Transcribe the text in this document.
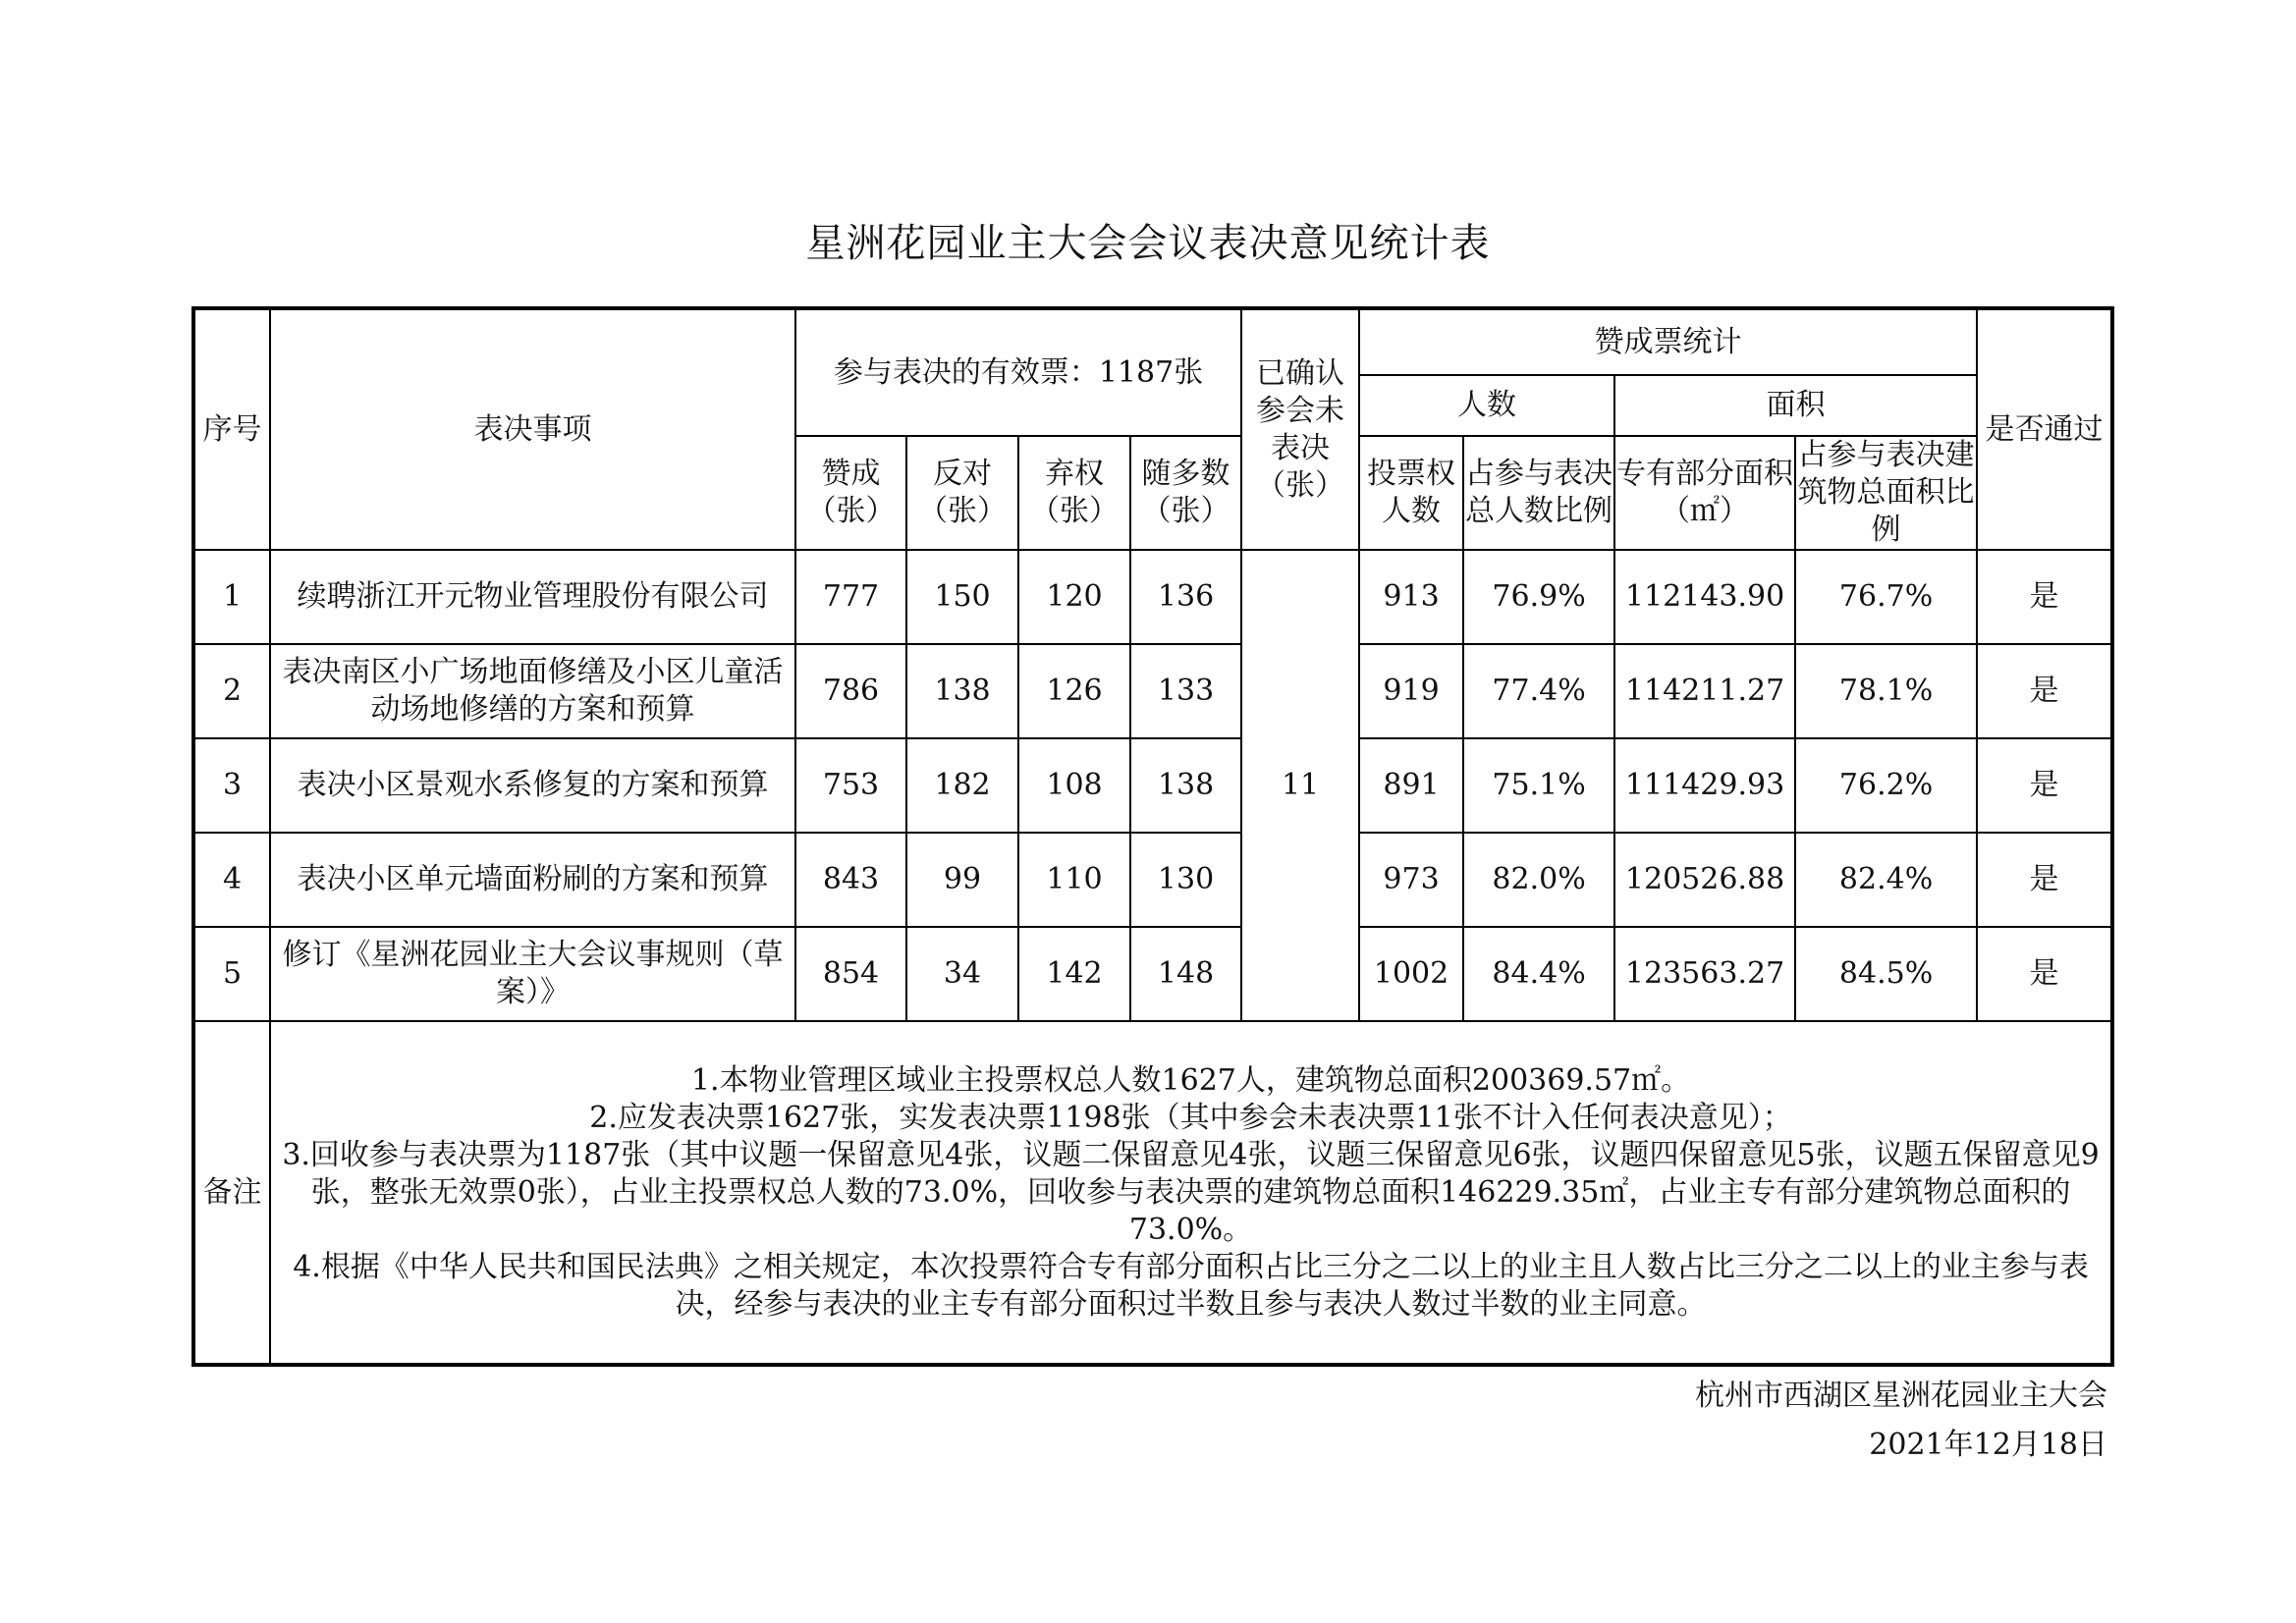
星洲花园业主大会会议表决意见统计表
序号	表决事项	参与表决的有效票：1187张				已确认参会未表决（张）	赞成票统计				是否通过
							人数		面积		
		赞成（张）	反对（张）	弃权（张）	随多数（张）		投票权人数	占参与表决总人数比例	专有部分面积（㎡）	占参与表决建筑物总面积比例	
1	续聘浙江开元物业管理股份有限公司	777	150	120	136	11	913	76.9%	112143.90	76.7%	是
2	表决南区小广场地面修缮及小区儿童活动场地修缮的方案和预算	786	138	126	133		919	77.4%	114211.27	78.1%	是
3	表决小区景观水系修复的方案和预算	753	182	108	138		891	75.1%	111429.93	76.2%	是
4	表决小区单元墙面粉刷的方案和预算	843	99	110	130		973	82.0%	120526.88	82.4%	是
5	修订《星洲花园业主大会议事规则（草案）》	854	34	142	148		1002	84.4%	123563.27	84.5%	是
备注	1.本物业管理区域业主投票权总人数1627人，建筑物总面积200369.57㎡。
2.应发表决票1627张，实发表决票1198张（其中参会未表决票11张不计入任何表决意见）；
3.回收参与表决票为1187张（其中议题一保留意见4张，议题二保留意见4张，议题三保留意见6张，议题四保留意见5张，议题五保留意见9张，整张无效票0张），占业主投票权总人数的73.0%，回收参与表决票的建筑物总面积146229.35㎡，占业主专有部分建筑物总面积的73.0%。
4.根据《中华人民共和国民法典》之相关规定，本次投票符合专有部分面积占比三分之二以上的业主且人数占比三分之二以上的业主参与表决，经参与表决的业主专有部分面积过半数且参与表决人数过半数的业主同意。										
杭州市西湖区星洲花园业主大会
2021年12月18日
